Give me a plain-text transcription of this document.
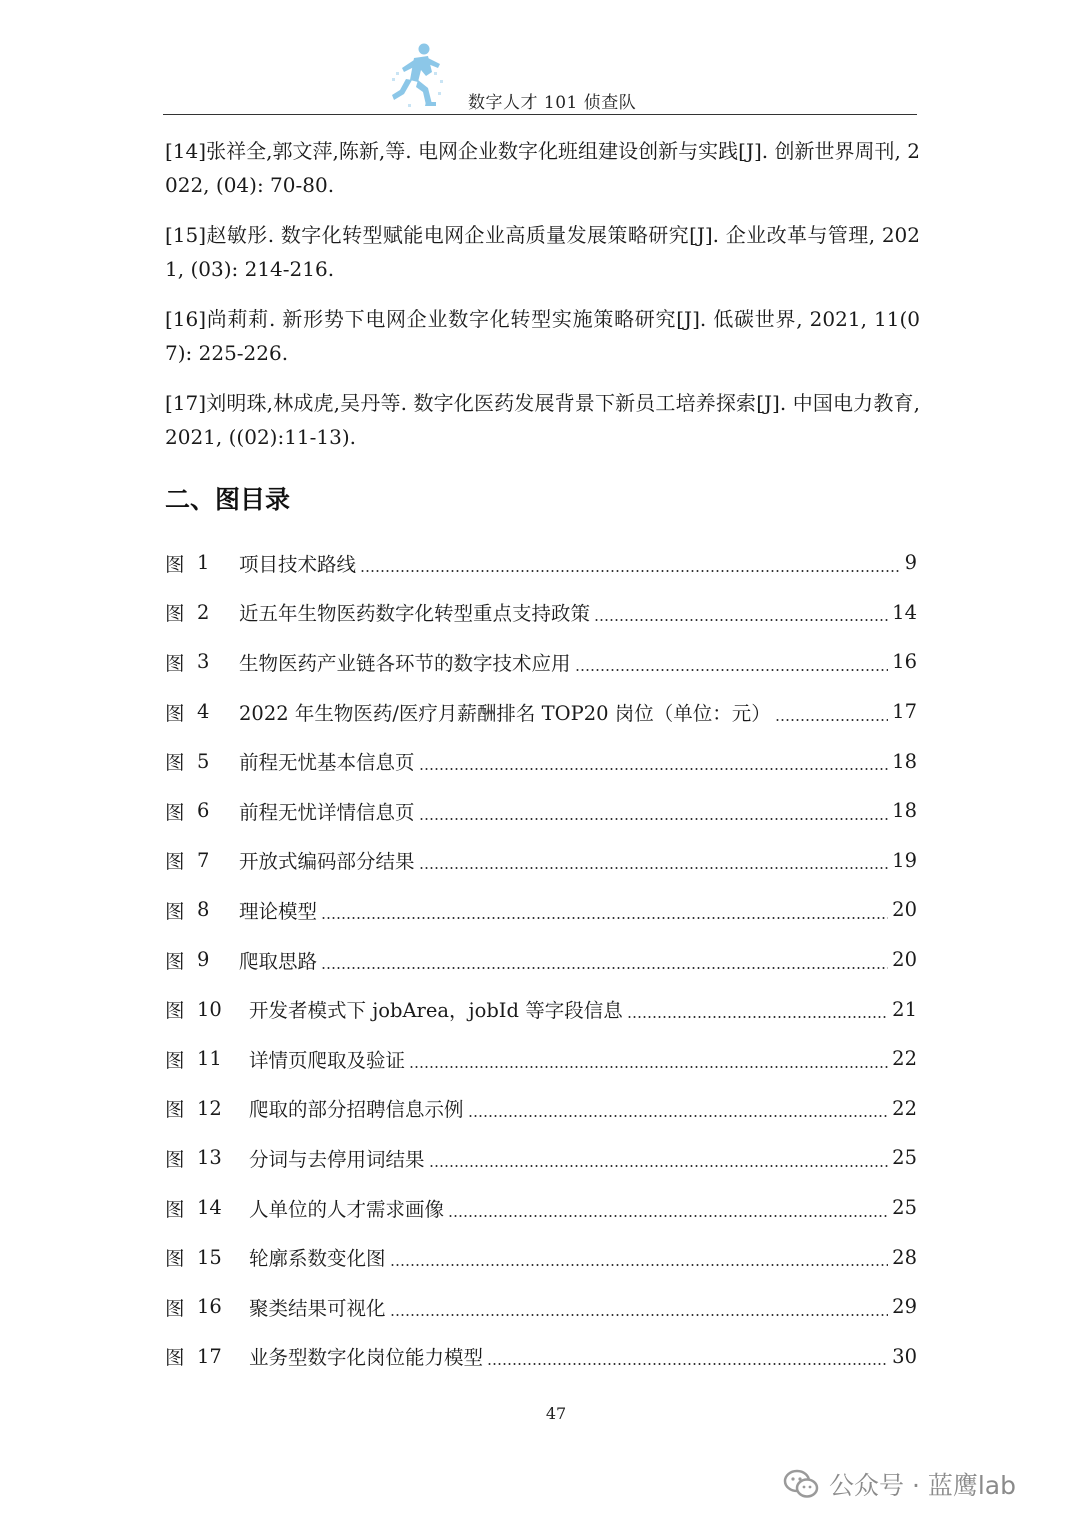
数字人才 101 侦查队

[14]张祥全,郭文萍,陈新,等. 电网企业数字化班组建设创新与实践[J]. 创新世界周刊, 2022, (04): 70-80.

[15]赵敏彤. 数字化转型赋能电网企业高质量发展策略研究[J]. 企业改革与管理, 2021, (03): 214-216.

[16]尚莉莉. 新形势下电网企业数字化转型实施策略研究[J]. 低碳世界, 2021, 11(07): 225-226.

[17]刘明珠,林成虎,吴丹等. 数字化医药发展背景下新员工培养探索[J]. 中国电力教育, 2021, ((02):11-13).

二、图目录
图 1	项目技术路线	9
图 2	近五年生物医药数字化转型重点支持政策	14
图 3	生物医药产业链各环节的数字技术应用	16
图 4	2022 年生物医药/医疗月薪酬排名 TOP20 岗位（单位：元）	17
图 5	前程无忧基本信息页	18
图 6	前程无忧详情信息页	18
图 7	开放式编码部分结果	19
图 8	理论模型	20
图 9	爬取思路	20
图 10	开发者模式下 jobArea，jobId 等字段信息	21
图 11	详情页爬取及验证	22
图 12	爬取的部分招聘信息示例	22
图 13	分词与去停用词结果	25
图 14	人单位的人才需求画像	25
图 15	轮廓系数变化图	28
图 16	聚类结果可视化	29
图 17	业务型数字化岗位能力模型	30
47
公众号 · 蓝鹰lab
